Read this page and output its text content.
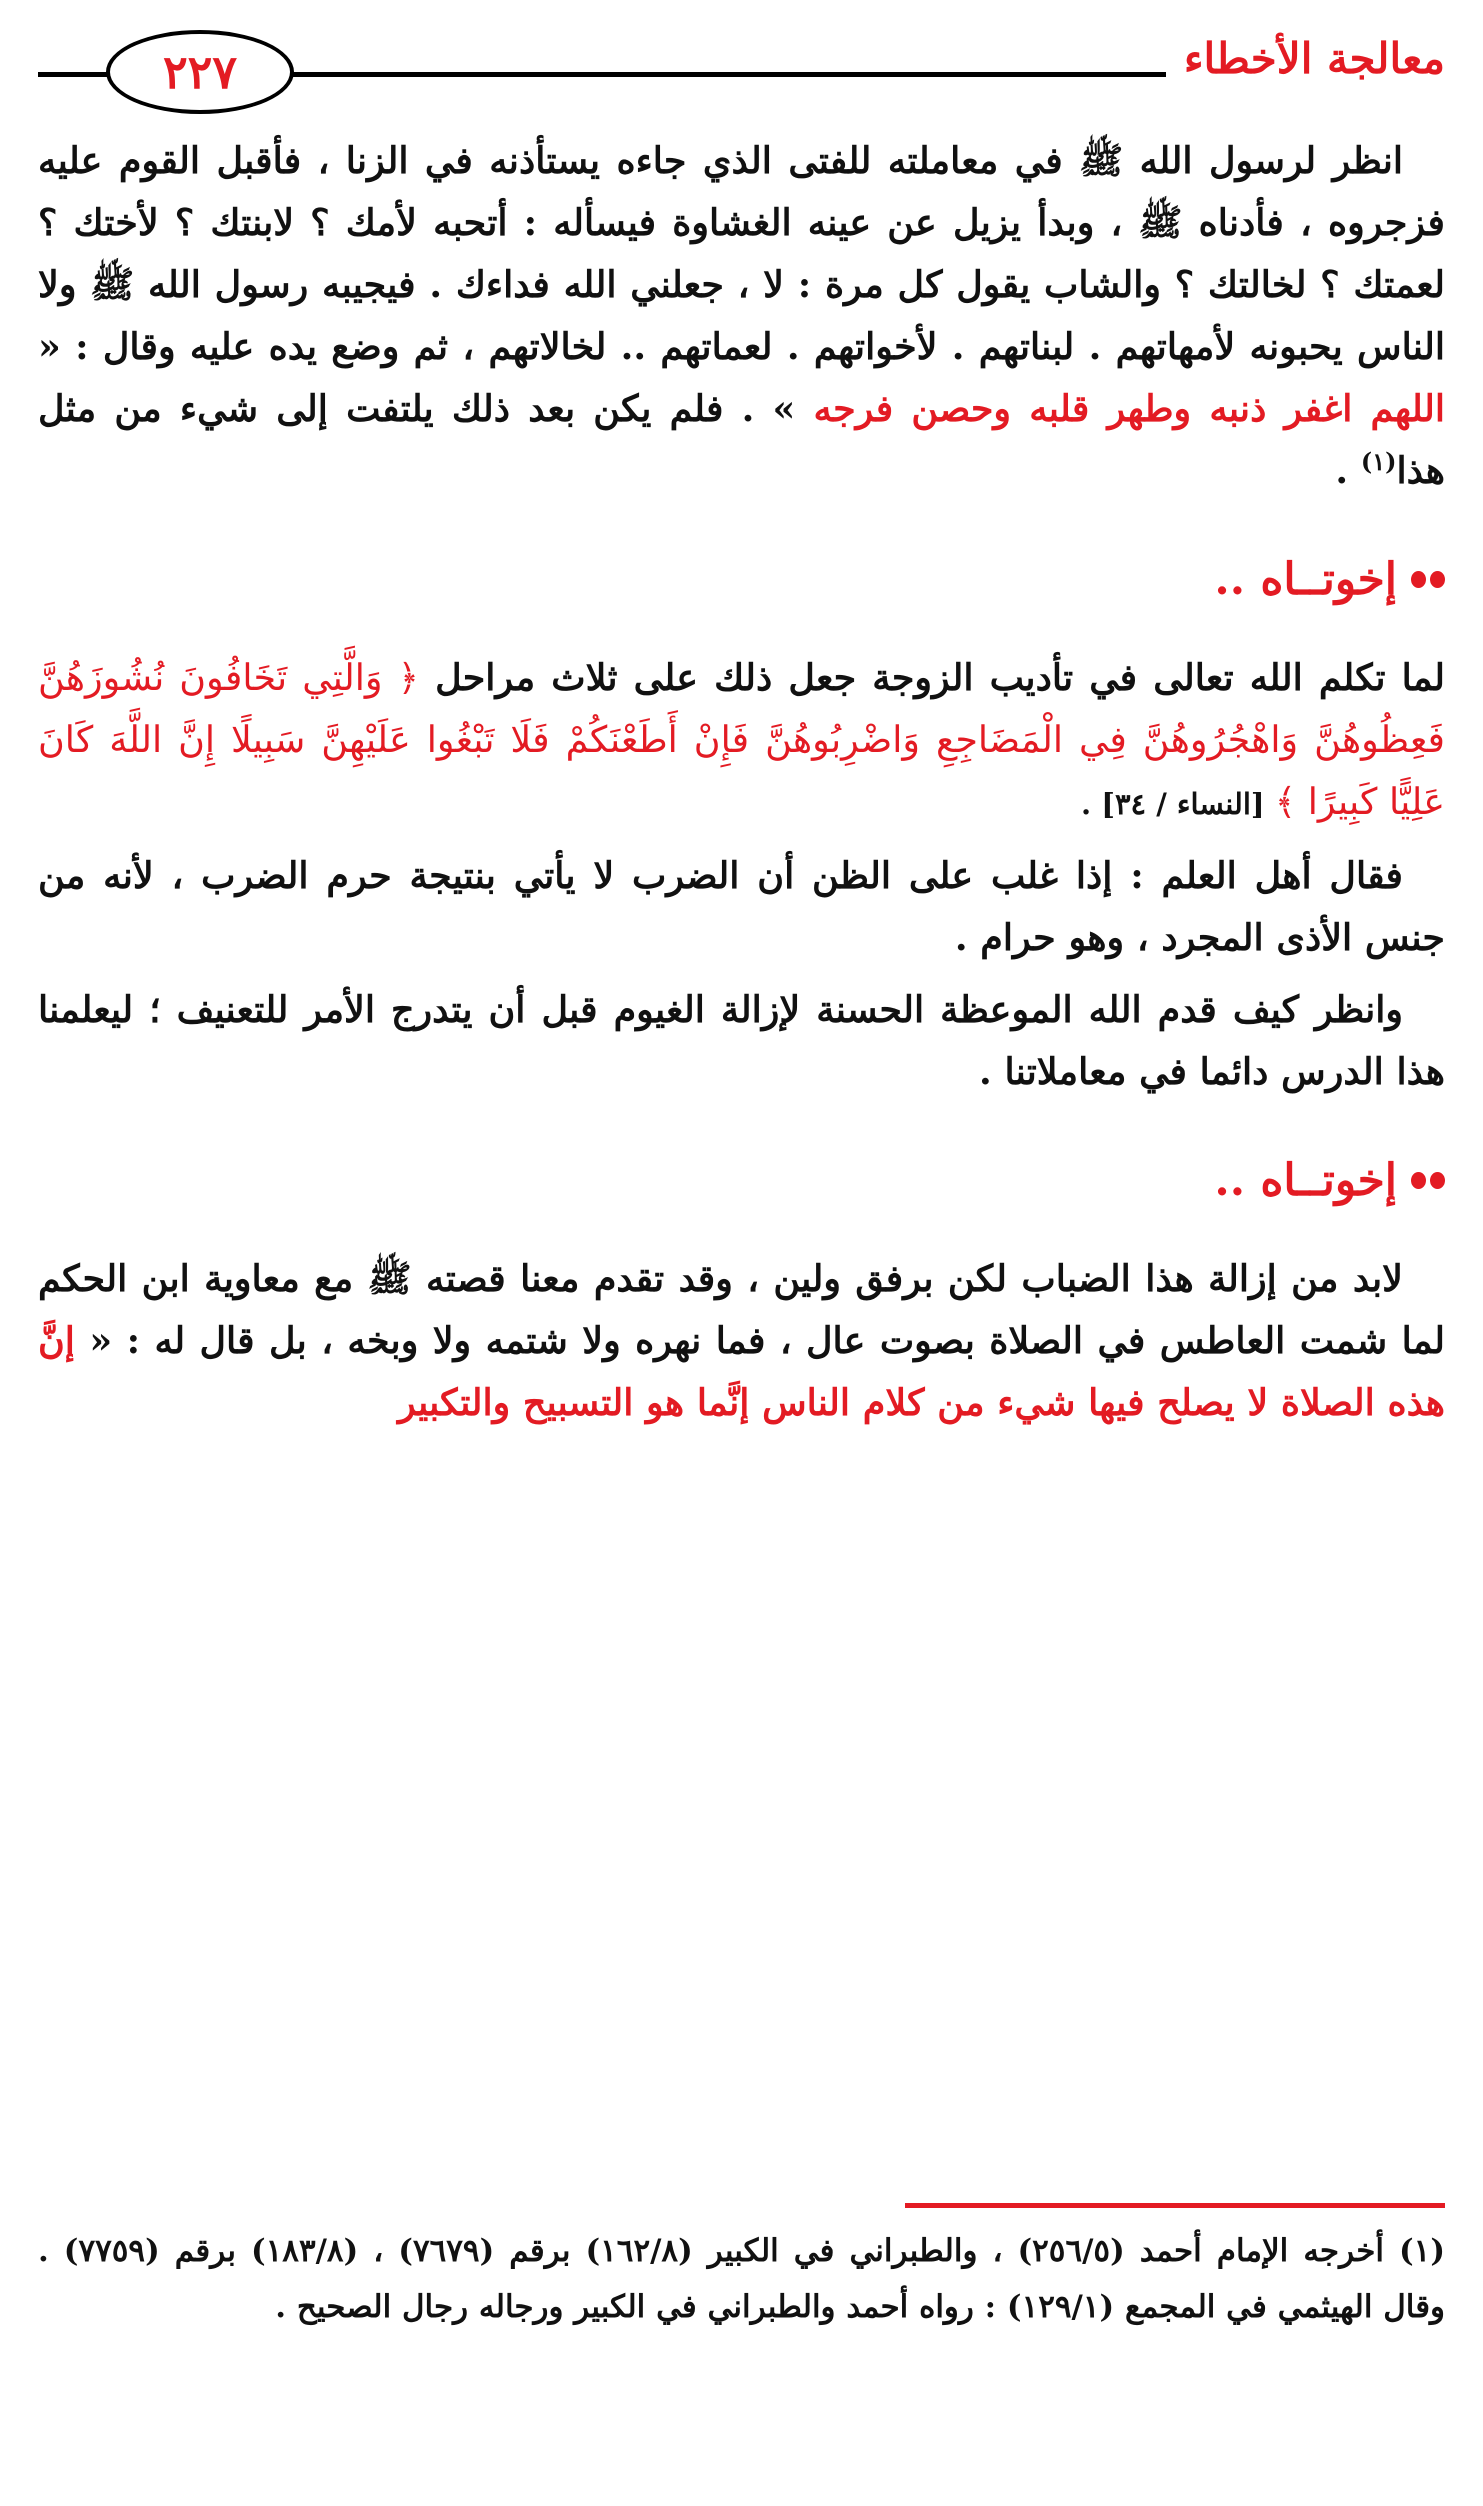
٢٢٧	معالجة الأخطاء

انظر لرسول الله ﷺ في معاملته للفتى الذي جاءه يستأذنه في الزنا ، فأقبل القوم عليه فزجروه ، فأدناه ﷺ ، وبدأ يزيل عن عينه الغشاوة فيسأله : أتحبه لأمك ؟ لابنتك ؟ لأختك ؟ لعمتك ؟ لخالتك ؟ والشاب يقول كل مرة : لا ، جعلني الله فداءك . فيجيبه رسول الله ﷺ ولا الناس يحبونه لأمهاتهم . لبناتهم . لأخواتهم . لعماتهم .. لخالاتهم ، ثم وضع يده عليه وقال : « اللهم اغفر ذنبه وطهر قلبه وحصن فرجه » . فلم يكن بعد ذلك يلتفت إلى شيء من مثل هذا$^{(١)}$ .

إخوتــاه ..

لما تكلم الله تعالى في تأديب الزوجة جعل ذلك على ثلاث مراحل ﴿ وَالَّتِي تَخَافُونَ نُشُوزَهُنَّ فَعِظُوهُنَّ وَاهْجُرُوهُنَّ فِي الْمَضَاجِعِ وَاضْرِبُوهُنَّ فَإِنْ أَطَعْنَكُمْ فَلَا تَبْغُوا عَلَيْهِنَّ سَبِيلًا إِنَّ اللَّهَ كَانَ عَلِيًّا كَبِيرًا ﴾ [النساء / ٣٤] .

فقال أهل العلم : إذا غلب على الظن أن الضرب لا يأتي بنتيجة حرم الضرب ، لأنه من جنس الأذى المجرد ، وهو حرام .

وانظر كيف قدم الله الموعظة الحسنة لإزالة الغيوم قبل أن يتدرج الأمر للتعنيف ؛ ليعلمنا هذا الدرس دائما في معاملاتنا .

إخوتــاه ..

لابد من إزالة هذا الضباب لكن برفق ولين ، وقد تقدم معنا قصته ﷺ مع معاوية ابن الحكم لما شمت العاطس في الصلاة بصوت عال ، فما نهره ولا شتمه ولا وبخه ، بل قال له : « إنَّ هذه الصلاة لا يصلح فيها شيء من كلام الناس إنَّما هو التسبيح والتكبير

(١) أخرجه الإمام أحمد (٢٥٦/٥) ، والطبراني في الكبير (١٦٢/٨) برقم (٧٦٧٩) ، (١٨٣/٨) برقم (٧٧٥٩) . وقال الهيثمي في المجمع (١٢٩/١) : رواه أحمد والطبراني في الكبير ورجاله رجال الصحيح .
